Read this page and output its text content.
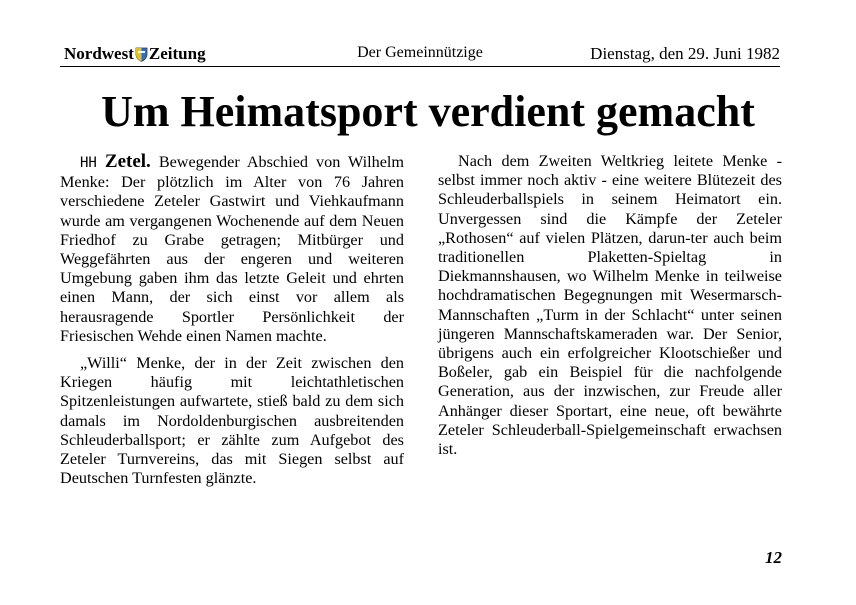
Nordwest Zeitung	Der Gemeinnützige	Dienstag, den 29. Juni 1982
Um Heimatsport verdient gemacht

HH Zetel. Bewegender Abschied von Wilhelm Menke: Der plötzlich im Alter von 76 Jahren verschiedene Zeteler Gastwirt und Viehkaufmann wurde am vergangenen Wochenende auf dem Neuen Friedhof zu Grabe getragen; Mitbürger und Weggefährten aus der engeren und weiteren Umgebung gaben ihm das letzte Geleit und ehrten einen Mann, der sich einst vor allem als herausragende Sportler Persönlichkeit der Friesischen Wehde einen Namen machte.

„Willi“ Menke, der in der Zeit zwischen den Kriegen häufig mit leichtathletischen Spitzenleistungen aufwartete, stieß bald zu dem sich damals im Nordoldenburgischen ausbreitenden Schleuderballsport; er zählte zum Aufgebot des Zeteler Turnvereins, das mit Siegen selbst auf Deutschen Turnfesten glänzte.

Nach dem Zweiten Weltkrieg leitete Menke - selbst immer noch aktiv - eine weitere Blütezeit des Schleuderballspiels in seinem Heimatort ein. Unvergessen sind die Kämpfe der Zeteler „Rothosen“ auf vielen Plätzen, darun-ter auch beim traditionellen Plaketten-Spieltag in Diekmannshausen, wo Wilhelm Menke in teilweise hochdramatischen Begegnungen mit Wesermarsch-Mannschaften „Turm in der Schlacht“ unter seinen jüngeren Mannschaftskameraden war. Der Senior, übrigens auch ein erfolgreicher Klootschießer und Boßeler, gab ein Beispiel für die nachfolgende Generation, aus der inzwischen, zur Freude aller Anhänger dieser Sportart, eine neue, oft bewährte Zeteler Schleuderball-Spielgemeinschaft erwachsen ist.

12
